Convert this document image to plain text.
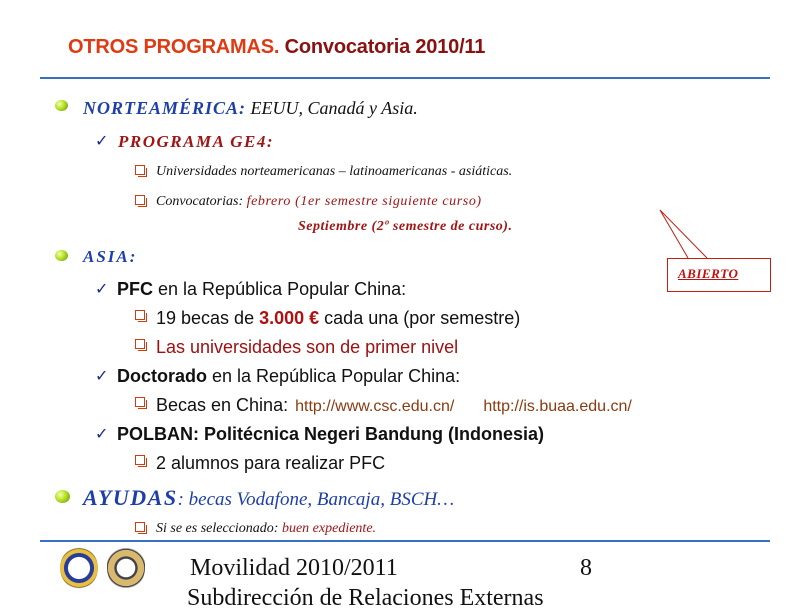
OTROS PROGRAMAS. Convocatoria 2010/11
NORTEAMÉRICA: EEUU, Canadá y Asia.
✓ PROGRAMA GE4:
Universidades norteamericanas – latinoamericanas - asiáticas.
Convocatorias: febrero (1er semestre siguiente curso)
Septiembre (2º semestre de curso).
ABIERTO
ASIA:
✓ PFC en la República Popular China:
19 becas de 3.000 € cada una (por semestre)
Las universidades son de primer nivel
✓ Doctorado en la República Popular China:
Becas en China: http://www.csc.edu.cn/ http://is.buaa.edu.cn/
✓ POLBAN: Politécnica Negeri Bandung (Indonesia)
2 alumnos para realizar PFC
AYUDAS: becas Vodafone, Bancaja, BSCH…
Si se es seleccionado: buen expediente.
Movilidad 2010/2011	8
Subdirección de Relaciones Externas
